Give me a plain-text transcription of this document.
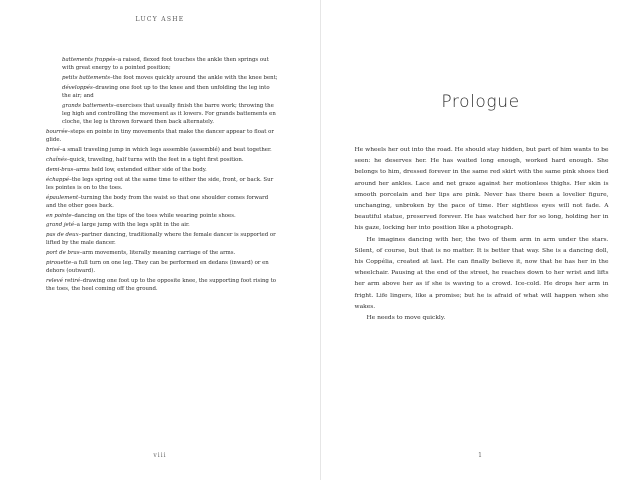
LUCY ASHE
battements frappés–a raised, flexed foot touches the ankle then springs out with great energy to a pointed position;
petits battements–the foot moves quickly around the ankle with the knee bent;
développés–drawing one foot up to the knee and then unfolding the leg into the air; and
grands battements–exercises that usually finish the barre work; throwing the leg high and controlling the movement as it lowers. For grands battements en cloche, the leg is thrown forward then back alternately.
bourrée–steps en pointe in tiny movements that make the dancer appear to float or glide.
brisé–a small traveling jump in which legs assemble (assemblé) and beat together.
chaînés–quick, traveling, half turns with the feet in a tight first position.
demi-bras–arms held low, extended either side of the body.
échappé–the legs spring out at the same time to either the side, front, or back. Sur les pointes is on to the toes.
épaulement–turning the body from the waist so that one shoulder comes forward and the other goes back.
en pointe–dancing on the tips of the toes while wearing pointe shoes.
grand jeté–a large jump with the legs split in the air.
pas de deux–partner dancing, traditionally where the female dancer is supported or lifted by the male dancer.
port de bras–arm movements, literally meaning carriage of the arms.
pirouette–a full turn on one leg. They can be performed en dedans (inward) or en dehors (outward).
relevé retiré–drawing one foot up to the opposite knee, the supporting foot rising to the toes, the heel coming off the ground.
viii
Prologue

He wheels her out into the road. He should stay hidden, but part of him wants to be seen: he deserves her. He has waited long enough, worked hard enough. She belongs to him, dressed forever in the same red skirt with the same pink shoes tied around her ankles. Lace and net graze against her motionless thighs. Her skin is smooth porcelain and her lips are pink. Never has there been a lovelier figure, unchanging, unbroken by the pace of time. Her sightless eyes will not fade. A beautiful statue, preserved forever. He has watched her for so long, holding her in his gaze, locking her into position like a photograph.

He imagines dancing with her, the two of them arm in arm under the stars. Silent, of course, but that is no matter. It is better that way. She is a dancing doll, his Coppélia, created at last. He can finally believe it, now that he has her in the wheelchair. Pausing at the end of the street, he reaches down to her wrist and lifts her arm above her as if she is waving to a crowd. Ice-cold. He drops her arm in fright. Life lingers, like a promise; but he is afraid of what will happen when she wakes.

He needs to move quickly.

1
